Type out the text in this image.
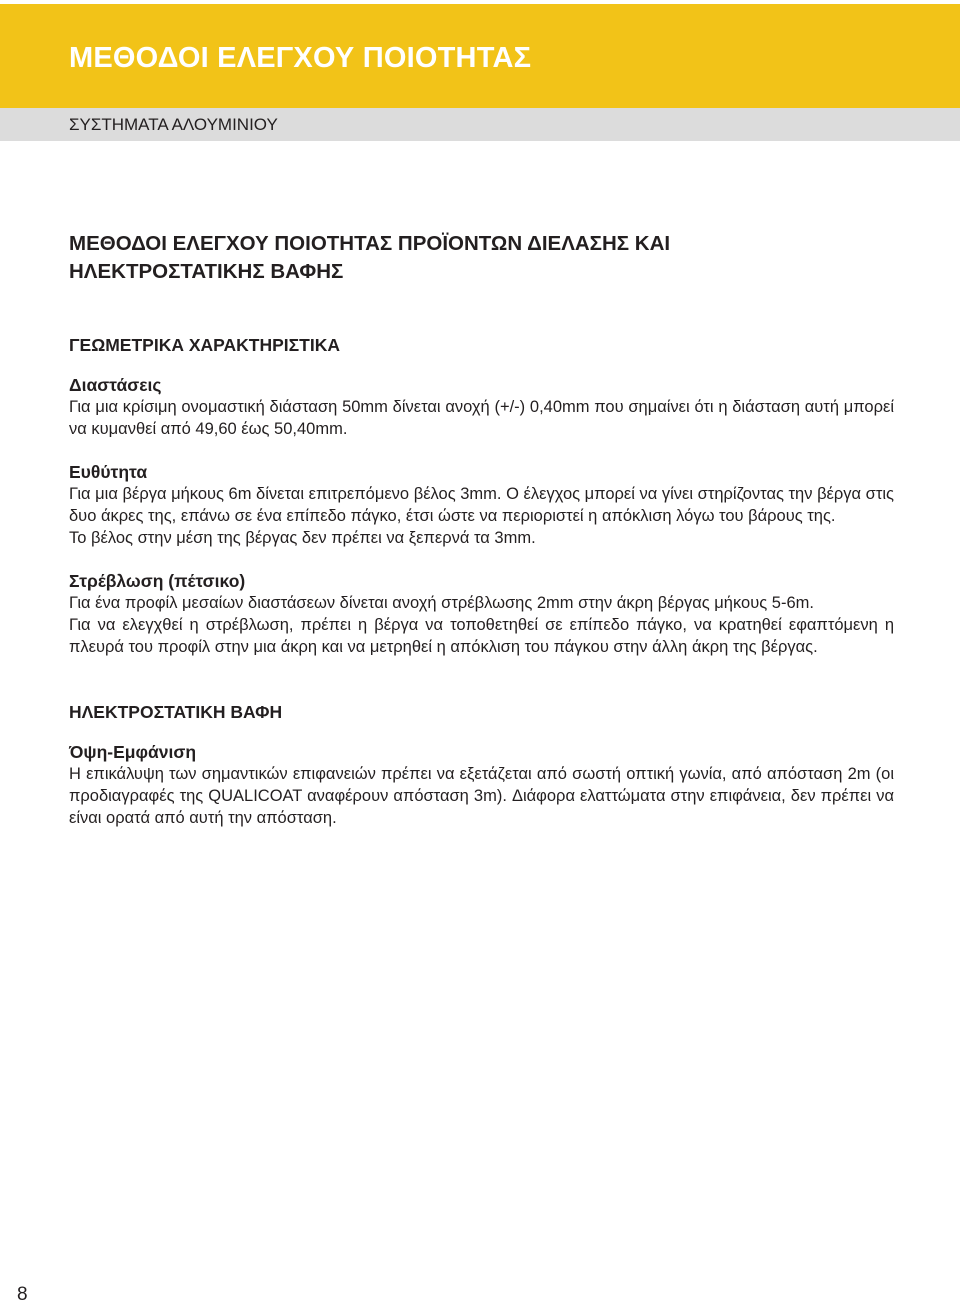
ΜΕΘΟΔΟΙ ΕΛΕΓΧΟΥ ΠΟΙΟΤΗΤΑΣ
ΣΥΣΤΗΜΑΤΑ ΑΛΟΥΜΙΝΙΟΥ
ΜΕΘΟΔΟΙ ΕΛΕΓΧΟΥ ΠΟΙΟΤΗΤΑΣ ΠΡΟΪΟΝΤΩΝ ΔΙΕΛΑΣΗΣ ΚΑΙ
ΗΛΕΚΤΡΟΣΤΑΤΙΚΗΣ ΒΑΦΗΣ
ΓΕΩΜΕΤΡΙΚΑ ΧΑΡΑΚΤΗΡΙΣΤΙΚΑ
Διαστάσεις

Για μια κρίσιμη ονομαστική διάσταση 50mm δίνεται ανοχή (+/-) 0,40mm που σημαίνει ότι η διάσταση αυτή μπορεί να κυμανθεί από 49,60 έως 50,40mm.

Ευθύτητα

Για μια βέργα μήκους 6m δίνεται επιτρεπόμενο βέλος 3mm. Ο έλεγχος μπορεί να γίνει στηρίζοντας την βέργα στις δυο άκρες της, επάνω σε ένα επίπεδο πάγκο, έτσι ώστε να περιοριστεί η απόκλιση λόγω του βάρους της.

Το βέλος στην μέση της βέργας δεν πρέπει να ξεπερνά τα 3mm.

Στρέβλωση (πέτσικο)

Για ένα προφίλ μεσαίων διαστάσεων δίνεται ανοχή στρέβλωσης 2mm στην άκρη βέργας μήκους 5-6m.

Για να ελεγχθεί η στρέβλωση, πρέπει η βέργα να τοποθετηθεί σε επίπεδο πάγκο, να κρατηθεί εφαπτόμενη η πλευρά του προφίλ στην μια άκρη και να μετρηθεί η απόκλιση του πάγκου στην άλλη άκρη της βέργας.

ΗΛΕΚΤΡΟΣΤΑΤΙΚΗ ΒΑΦΗ
Όψη-Εμφάνιση

Η επικάλυψη των σημαντικών επιφανειών πρέπει να εξετάζεται από σωστή οπτική γωνία, από απόσταση 2m (οι προδιαγραφές της QUALICOAT αναφέρουν απόσταση 3m). Διάφορα ελαττώματα στην επιφάνεια, δεν πρέπει να είναι ορατά από αυτή την απόσταση.

8
